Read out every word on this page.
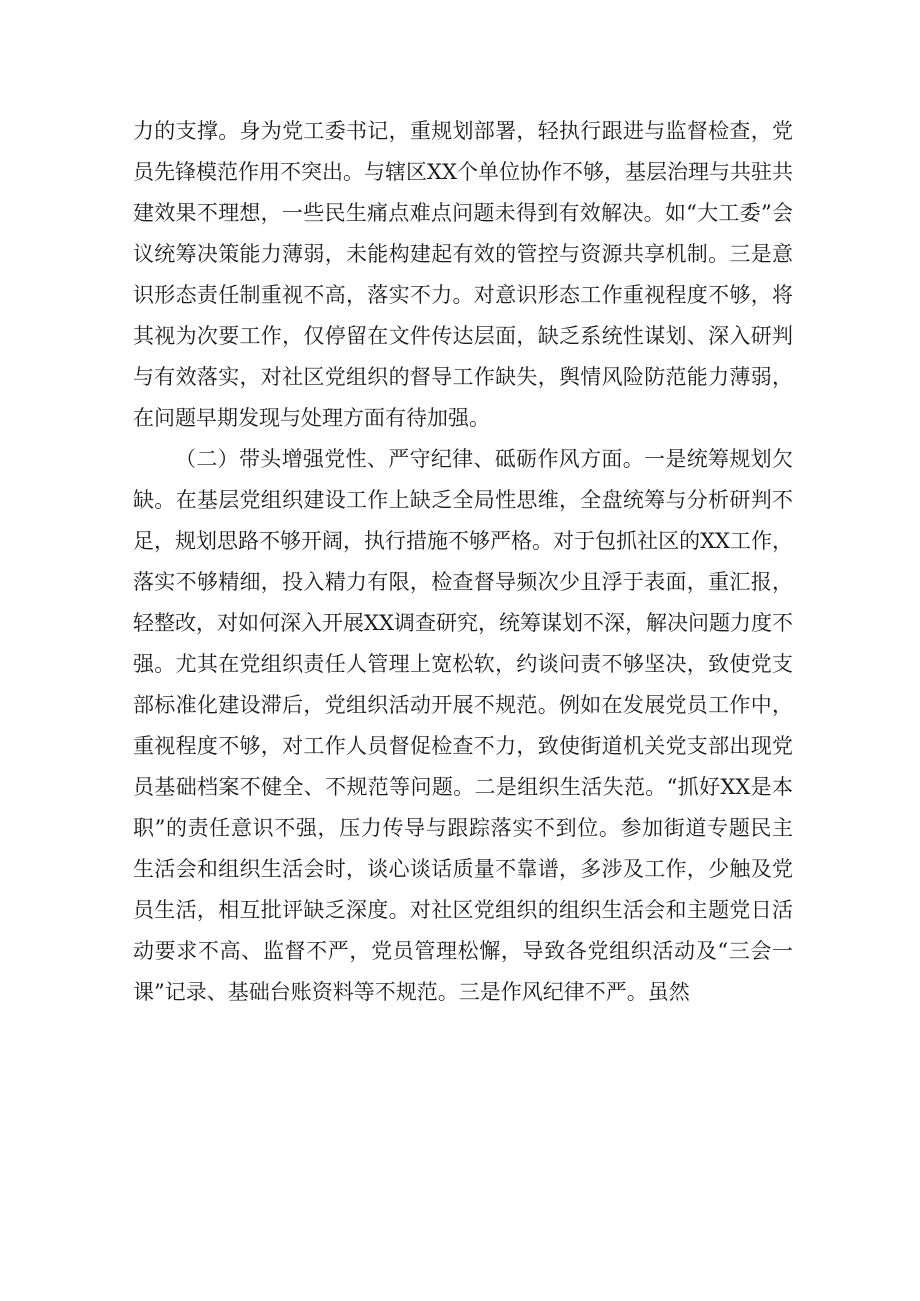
力的支撑。身为党工委书记，重规划部署，轻执行跟进与监督检查，党员先锋模范作用不突出。与辖区XX个单位协作不够，基层治理与共驻共建效果不理想，一些民生痛点难点问题未得到有效解决。如“大工委”会议统筹决策能力薄弱，未能构建起有效的管控与资源共享机制。三是意识形态责任制重视不高，落实不力。对意识形态工作重视程度不够，将其视为次要工作，仅停留在文件传达层面，缺乏系统性谋划、深入研判与有效落实，对社区党组织的督导工作缺失，舆情风险防范能力薄弱，在问题早期发现与处理方面有待加强。

（二）带头增强党性、严守纪律、砥砺作风方面。一是统筹规划欠缺。在基层党组织建设工作上缺乏全局性思维，全盘统筹与分析研判不足，规划思路不够开阔，执行措施不够严格。对于包抓社区的XX工作，落实不够精细，投入精力有限，检查督导频次少且浮于表面，重汇报，轻整改，对如何深入开展XX调查研究，统筹谋划不深，解决问题力度不强。尤其在党组织责任人管理上宽松软，约谈问责不够坚决，致使党支部标准化建设滞后，党组织活动开展不规范。例如在发展党员工作中，重视程度不够，对工作人员督促检查不力，致使街道机关党支部出现党员基础档案不健全、不规范等问题。二是组织生活失范。“抓好XX是本职”的责任意识不强，压力传导与跟踪落实不到位。参加街道专题民主生活会和组织生活会时，谈心谈话质量不靠谱，多涉及工作，少触及党员生活，相互批评缺乏深度。对社区党组织的组织生活会和主题党日活动要求不高、监督不严，党员管理松懈，导致各党组织活动及“三会一课”记录、基础台账资料等不规范。三是作风纪律不严。虽然
